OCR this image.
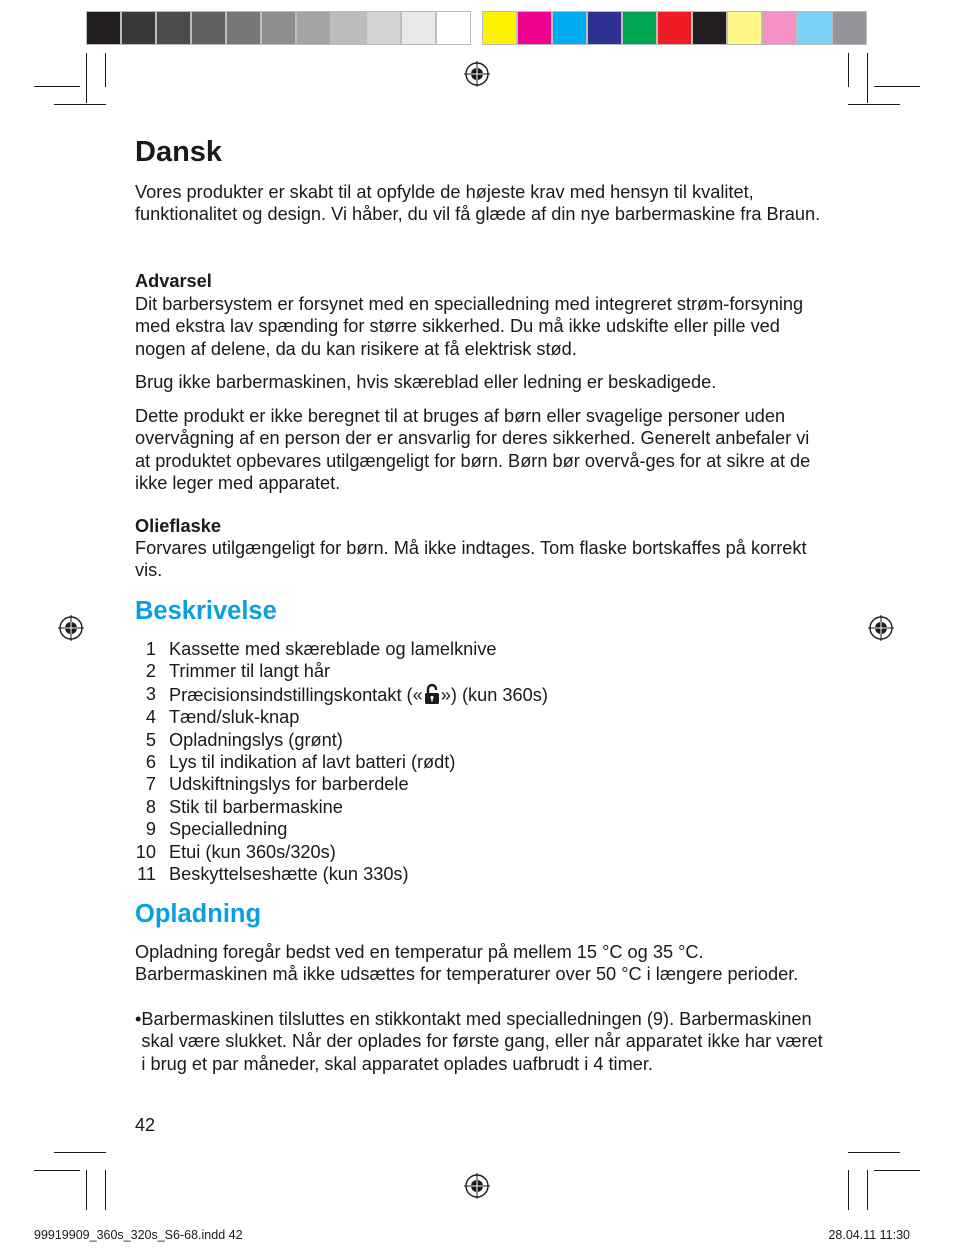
Dansk

Vores produkter er skabt til at opfylde de højeste krav med hensyn til kvalitet, funktionalitet og design. Vi håber, du vil få glæde af din nye barbermaskine fra Braun.

Advarsel

Dit barbersystem er forsynet med en specialledning med integreret strøm-forsyning med ekstra lav spænding for større sikkerhed. Du må ikke udskifte eller pille ved nogen af delene, da du kan risikere at få elektrisk stød.

Brug ikke barbermaskinen, hvis skæreblad eller ledning er beskadigede.

Dette produkt er ikke beregnet til at bruges af børn eller svagelige personer uden overvågning af en person der er ansvarlig for deres sikkerhed. Generelt anbefaler vi at produktet opbevares utilgængeligt for børn. Børn bør overvå-ges for at sikre at de ikke leger med apparatet.

Olieflaske

Forvares utilgængeligt for børn. Må ikke indtages. Tom flaske bortskaffes på korrekt vis.

Beskrivelse
1 Kassette med skæreblade og lamelknive
2 Trimmer til langt hår
3 Præcisionsindstillingskontakt (« ») (kun 360s)
4 Tænd/sluk-knap
5 Opladningslys (grønt)
6 Lys til indikation af lavt batteri (rødt)
7 Udskiftningslys for barberdele
8 Stik til barbermaskine
9 Specialledning
10 Etui (kun 360s/320s)
11 Beskyttelseshætte (kun 330s)
Opladning

Opladning foregår bedst ved en temperatur på mellem 15 °C og 35 °C. Barbermaskinen må ikke udsættes for temperaturer over 50 °C i længere perioder.

• Barbermaskinen tilsluttes en stikkontakt med specialledningen (9). Barbermaskinen skal være slukket. Når der oplades for første gang, eller når apparatet ikke har været i brug et par måneder, skal apparatet oplades uafbrudt i 4 timer.
42
99919909_360s_320s_S6-68.indd 42	28.04.11 11:30
